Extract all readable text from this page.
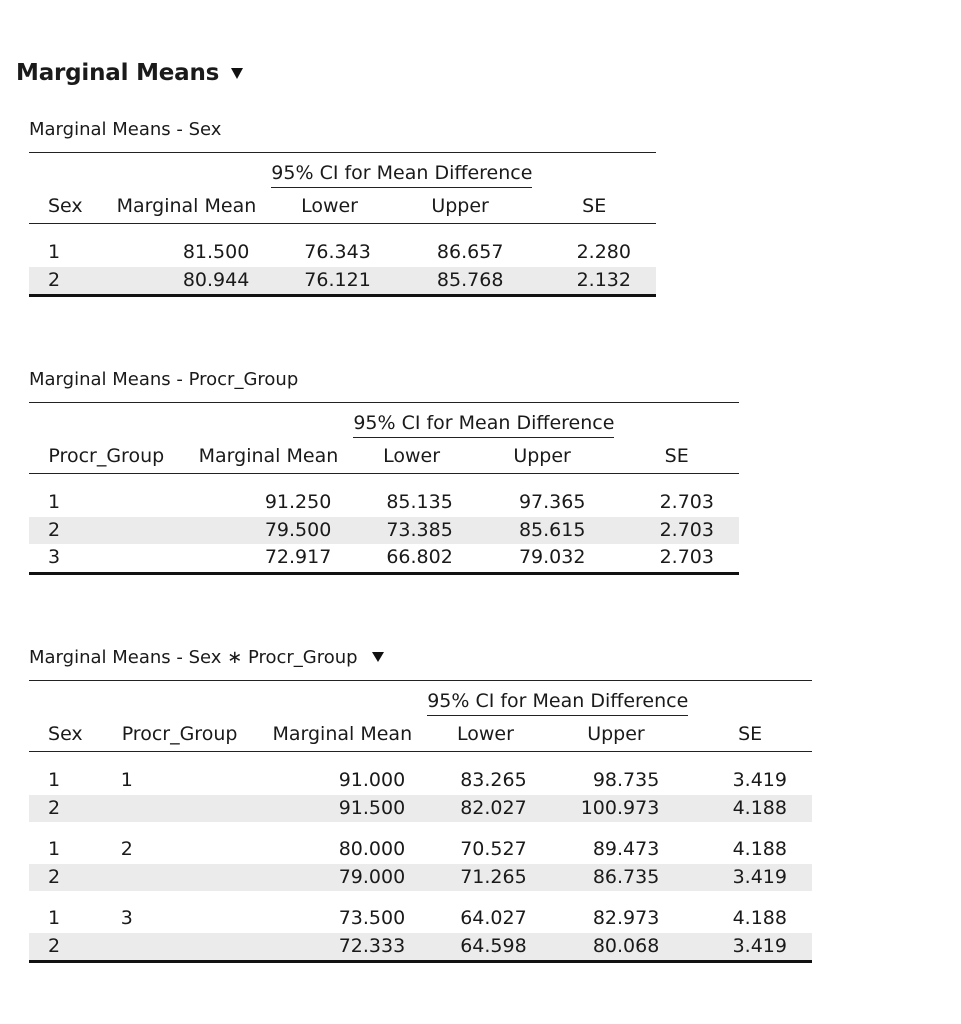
Marginal Means
Marginal Means - Sex
		95% CI for Mean Difference		
Sex	Marginal Mean	Lower	Upper	SE

1	81.500	76.343	86.657	2.280
2	80.944	76.121	85.768	2.132
Marginal Means - Procr_Group
		95% CI for Mean Difference		
Procr_Group	Marginal Mean	Lower	Upper	SE

1	91.250	85.135	97.365	2.703
2	79.500	73.385	85.615	2.703
3	72.917	66.802	79.032	2.703
Marginal Means - Sex ∗ Procr_Group
			95% CI for Mean Difference		
Sex	Procr_Group	Marginal Mean	Lower	Upper	SE

1	1	91.000	83.265	98.735	3.419
2		91.500	82.027	100.973	4.188

1	2	80.000	70.527	89.473	4.188
2		79.000	71.265	86.735	3.419

1	3	73.500	64.027	82.973	4.188
2		72.333	64.598	80.068	3.419
